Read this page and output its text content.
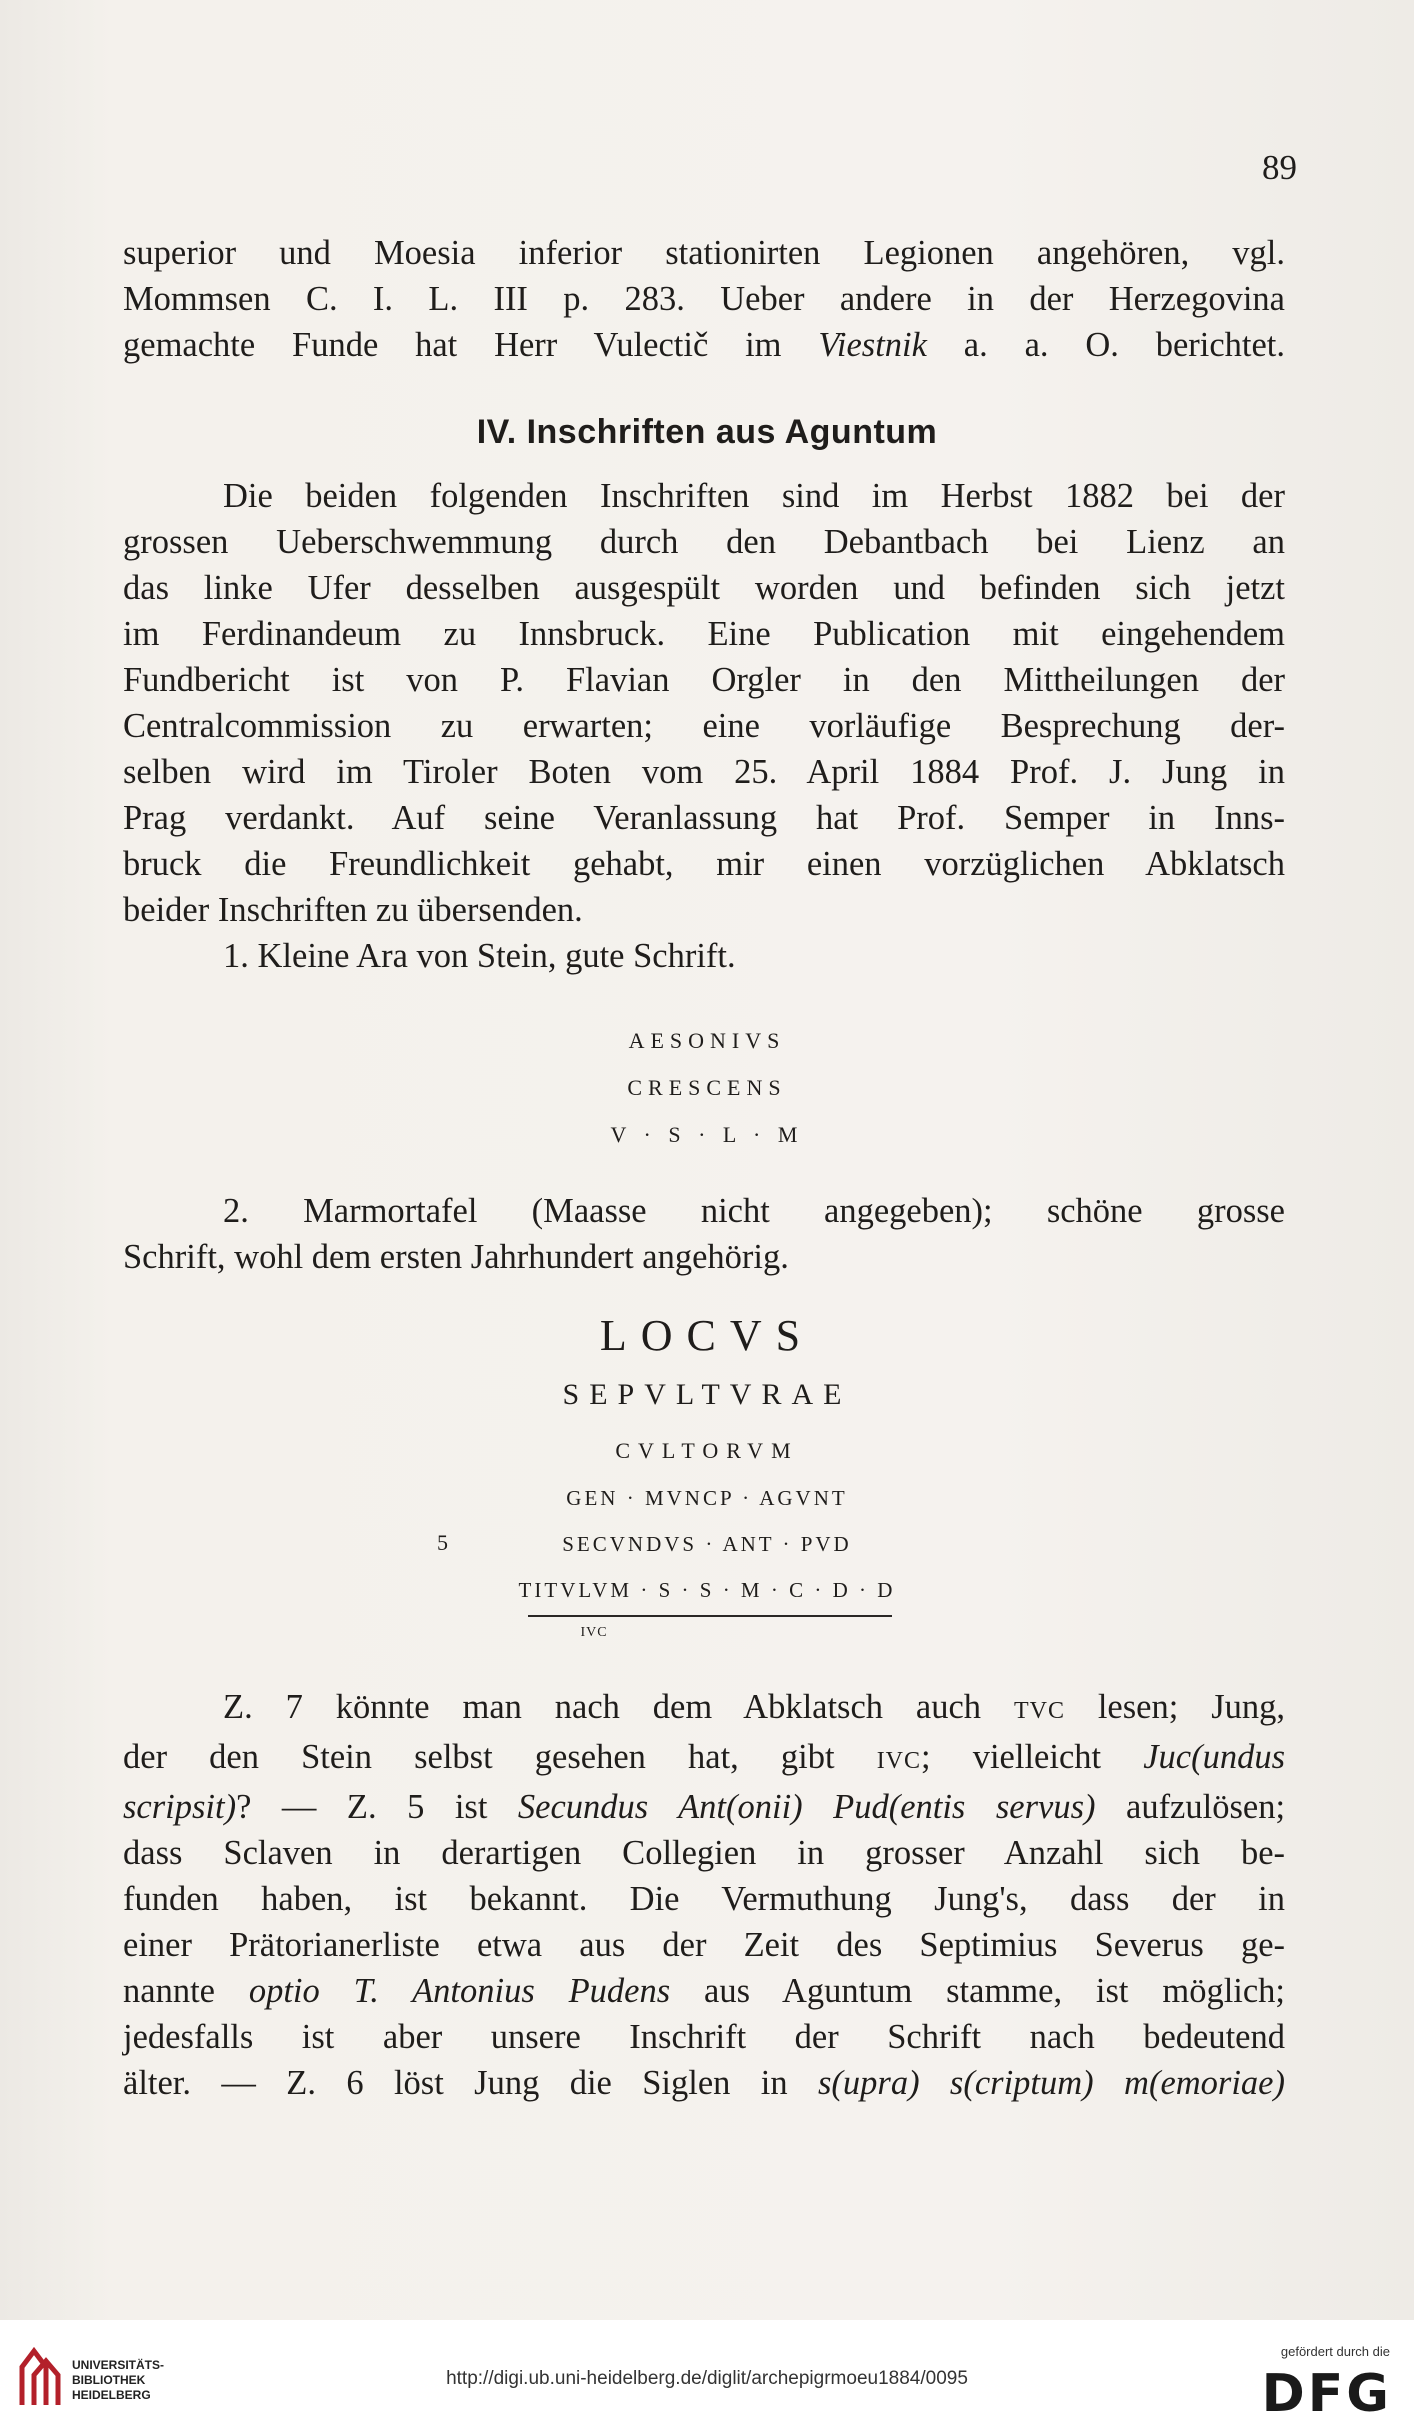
89
superior und Moesia inferior stationirten Legionen angehören, vgl.
Mommsen C. I. L. III p. 283. Ueber andere in der Herzegovina
gemachte Funde hat Herr Vulectič im Viestnik a. a. O. berichtet.
IV. Inschriften aus Aguntum
Die beiden folgenden Inschriften sind im Herbst 1882 bei der
grossen Ueberschwemmung durch den Debantbach bei Lienz an
das linke Ufer desselben ausgespült worden und befinden sich jetzt
im Ferdinandeum zu Innsbruck. Eine Publication mit eingehendem
Fundbericht ist von P. Flavian Orgler in den Mittheilungen der
Centralcommission zu erwarten; eine vorläufige Besprechung der-
selben wird im Tiroler Boten vom 25. April 1884 Prof. J. Jung in
Prag verdankt. Auf seine Veranlassung hat Prof. Semper in Inns-
bruck die Freundlichkeit gehabt, mir einen vorzüglichen Abklatsch
beider Inschriften zu übersenden.
1. Kleine Ara von Stein, gute Schrift.
AESONIVS
CRESCENS
V · S · L · M
2. Marmortafel (Maasse nicht angegeben); schöne grosse
Schrift, wohl dem ersten Jahrhundert angehörig.
LOCVS
SEPVLTVRAE
CVLTORVM
GEN · MVNCP · AGVNT
5	SECVNDVS · ANT · PVD
TITVLVM · S · S · M · C · D · D
IVC
Z. 7 könnte man nach dem Abklatsch auch TVC lesen; Jung,
der den Stein selbst gesehen hat, gibt IVC; vielleicht Juc(undus
scripsit)? — Z. 5 ist Secundus Ant(onii) Pud(entis servus) aufzulösen;
dass Sclaven in derartigen Collegien in grosser Anzahl sich be-
funden haben, ist bekannt. Die Vermuthung Jung's, dass der in
einer Prätorianerliste etwa aus der Zeit des Septimius Severus ge-
nannte optio T. Antonius Pudens aus Aguntum stamme, ist möglich;
jedesfalls ist aber unsere Inschrift der Schrift nach bedeutend
älter. — Z. 6 löst Jung die Siglen in s(upra) s(criptum) m(emoriae)
UNIVERSITÄTS-
BIBLIOTHEK
HEIDELBERG
http://digi.ub.uni-heidelberg.de/diglit/archepigrmoeu1884/0095
gefördert durch die
DFG
